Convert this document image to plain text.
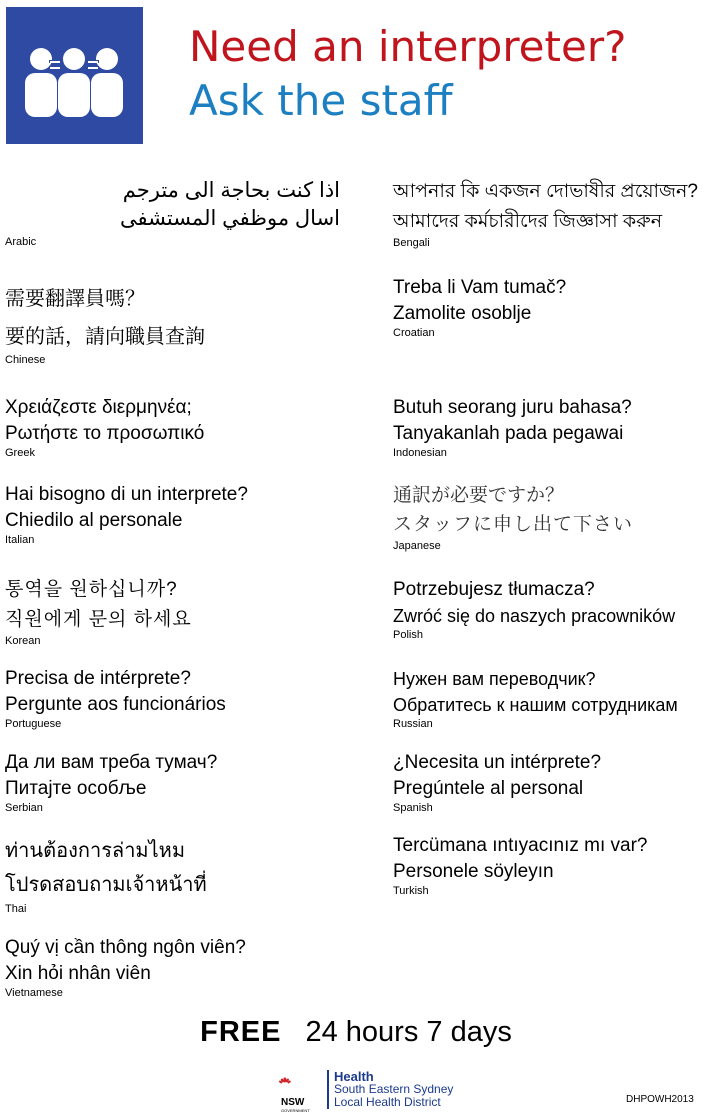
Need an interpreter?
Ask the staff
اذا كنت بحاجة الى مترجم
اسال موظفي المستشفى
Arabic
需要翻譯員嗎？
要的話，請向職員查詢
Chinese
Χρειάζεστε διερμηνέα;
Ρωτήστε το προσωπικό
Greek
Hai bisogno di un interprete?
Chiedilo al personale
Italian
통역을 원하십니까?
직원에게 문의 하세요
Korean
Precisa de intérprete?
Pergunte aos funcionários
Portuguese
Да ли вам треба тумач?
Питајте особље
Serbian
ท่านต้องการล่ามไหม
โปรดสอบถามเจ้าหน้าที่
Thai
Quý vị cần thông ngôn viên?
Xin hỏi nhân viên
Vietnamese
আপনার কি একজন দোভাষীর প্রয়োজন?
আমাদের কর্মচারীদের জিজ্ঞাসা করুন
Bengali
Treba li Vam tumač?
Zamolite osoblje
Croatian
Butuh seorang juru bahasa?
Tanyakanlah pada pegawai
Indonesian
通訳が必要ですか？
スタッフに申し出て下さい
Japanese
Potrzebujesz tłumacza?
Zwróć się do naszych pracowników
Polish
Нужен вам переводчик?
Обратитесь к нашим сотрудникам
Russian
¿Necesita un intérprete?
Pregúntele al personal
Spanish
Tercümana ıntıyacınız mı var?
Personele söyleyın
Turkish
FREE 24 hours 7 days
NSW
GOVERNMENT
Health
South Eastern Sydney
Local Health District	DHPOWH2013
